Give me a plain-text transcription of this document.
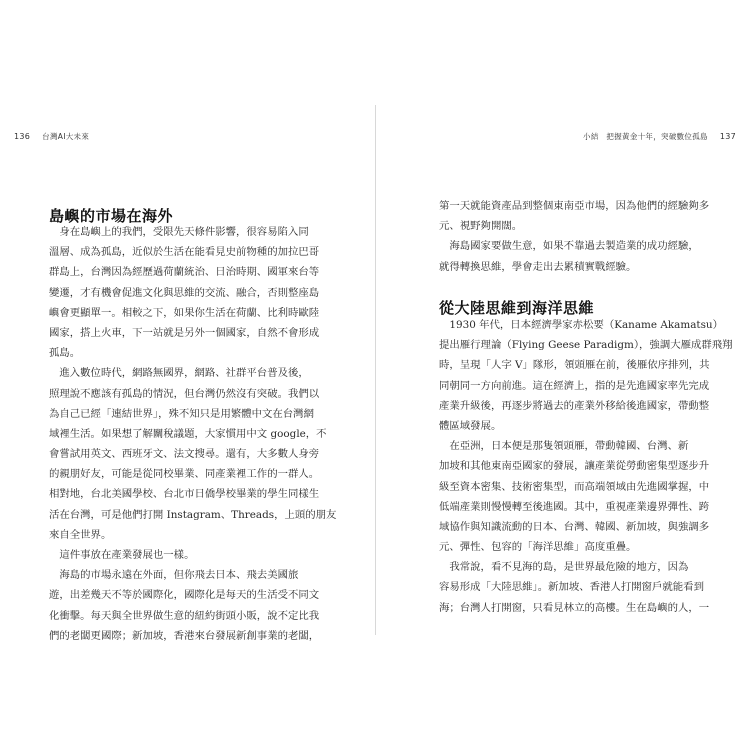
136 台灣AI大未來
島嶼的市場在海外
　身在島嶼上的我們，受限先天條件影響，很容易陷入同
溫層、成為孤島，近似於生活在能看見史前物種的加拉巴哥
群島上，台灣因為經歷過荷蘭統治、日治時期、國軍來台等
變遷，才有機會促進文化與思維的交流、融合，否則整座島
嶼會更顯單一。相較之下，如果你生活在荷蘭、比利時歐陸
國家，搭上火車，下一站就是另外一個國家，自然不會形成
孤島。
　進入數位時代，網路無國界，網路、社群平台普及後，
照理說不應該有孤島的情況，但台灣仍然沒有突破。我們以
為自己已經「連結世界」，殊不知只是用繁體中文在台灣網
域裡生活。如果想了解關稅議題，大家慣用中文 google，不
會嘗試用英文、西班牙文、法文搜尋。還有，大多數人身旁
的親朋好友，可能是從同校畢業、同產業裡工作的一群人。
相對地，台北美國學校、台北市日僑學校畢業的學生同樣生
活在台灣，可是他們打開 Instagram、Threads，上頭的朋友
來自全世界。
　這件事放在產業發展也一樣。
　海島的市場永遠在外面，但你飛去日本、飛去美國旅
遊，出差幾天不等於國際化，國際化是每天的生活受不同文
化衝擊。每天與全世界做生意的紐約街頭小販，說不定比我
們的老闆更國際；新加坡，香港來台發展新創事業的老闆，
小結　把握黃金十年，突破數位孤島 137
第一天就能資產品到整個東南亞市場，因為他們的經驗夠多
元、視野夠開闊。
　海島國家要做生意，如果不靠過去製造業的成功經驗，
就得轉換思維，學會走出去累積實戰經驗。
從大陸思維到海洋思維
　1930 年代，日本經濟學家赤松要（Kaname Akamatsu）
提出雁行理論（Flying Geese Paradigm），強調大雁成群飛翔
時，呈現「人字 V」隊形，領頭雁在前，後雁依序排列，共
同朝同一方向前進。這在經濟上，指的是先進國家率先完成
產業升級後，再逐步將過去的產業外移給後進國家，帶動整
體區域發展。
　在亞洲，日本便是那隻領頭雁，帶動韓國、台灣、新
加坡和其他東南亞國家的發展，讓產業從勞動密集型逐步升
級至資本密集、技術密集型，而高端領域由先進國掌握，中
低端產業則慢慢轉至後進國。其中，重視產業邊界彈性、跨
域協作與知識流動的日本、台灣、韓國、新加坡，與強調多
元、彈性、包容的「海洋思維」高度重疊。
　我常說，看不見海的島，是世界最危險的地方，因為
容易形成「大陸思維」。新加坡、香港人打開窗戶就能看到
海；台灣人打開窗，只看見林立的高樓。生在島嶼的人，一
